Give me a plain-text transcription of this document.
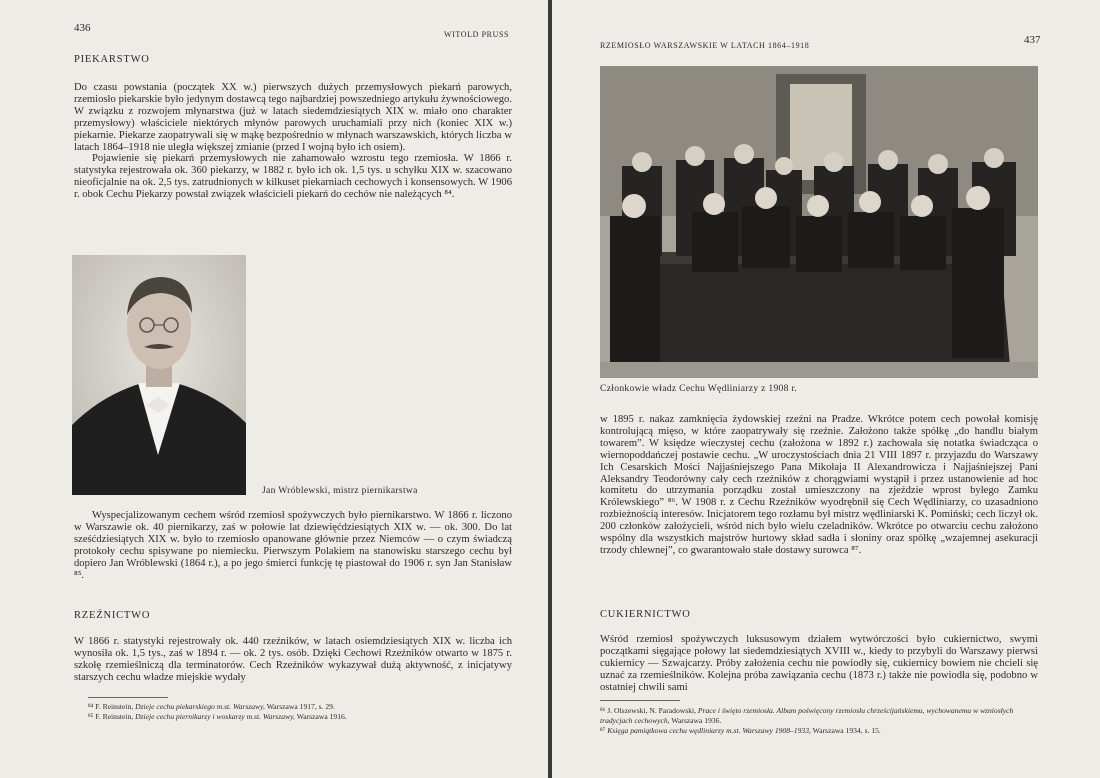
436
WITOLD PRUSS
PIEKARSTWO

Do czasu powstania (początek XX w.) pierwszych dużych przemysłowych piekarń parowych, rzemiosło piekarskie było jedynym dostawcą tego najbardziej powszedniego artykułu żywnościowego. W związku z rozwojem młynarstwa (już w latach siedemdziesiątych XIX w. miało ono charakter przemysłowy) właściciele niektórych młynów parowych uruchamiali przy nich (koniec XIX w.) piekarnie. Piekarze zaopatrywali się w mąkę bezpośrednio w młynach warszawskich, których liczba w latach 1864–1918 nie uległa większej zmianie (przed I wojną było ich osiem).

Pojawienie się piekarń przemysłowych nie zahamowało wzrostu tego rzemiosła. W 1866 r. statystyka rejestrowała ok. 360 piekarzy, w 1882 r. było ich ok. 1,5 tys. u schyłku XIX w. szacowano nieoficjalnie na ok. 2,5 tys. zatrudnionych w kilkuset piekarniach cechowych i konsensowych. W 1906 r. obok Cechu Piekarzy powstał związek właścicieli piekarń do cechów nie należących ⁸⁴.

Jan Wróblewski, mistrz piernikarstwa

Wyspecjalizowanym cechem wśród rzemiosł spożywczych było piernikarstwo. W 1866 r. liczono w Warszawie ok. 40 piernikarzy, zaś w połowie lat dziewięćdziesiątych XIX w. — ok. 300. Do lat sześćdziesiątych XIX w. było to rzemiosło opanowane głównie przez Niemców — o czym świadczą protokoły cechu spisywane po niemiecku. Pierwszym Polakiem na stanowisku starszego cechu był dopiero Jan Wróblewski (1864 r.), a po jego śmierci funkcję tę piastował do 1906 r. syn Jan Stanisław ⁸⁵.

RZEŹNICTWO

W 1866 r. statystyki rejestrowały ok. 440 rzeźników, w latach osiemdziesiątych XIX w. liczba ich wynosiła ok. 1,5 tys., zaś w 1894 r. — ok. 2 tys. osób. Dzięki Cechowi Rzeźników otwarto w 1875 r. szkołę rzemieślniczą dla terminatorów. Cech Rzeźników wykazywał dużą aktywność, z inicjatywy starszych cechu władze miejskie wydały

⁸⁴ F. Reinstein, Dzieje cechu piekarskiego m.st. Warszawy, Warszawa 1917, s. 29.
⁸⁵ F. Reinstein, Dzieje cechu piernikarzy i woskarzy m.st. Warszawy, Warszawa 1916.
RZEMIOSŁO WARSZAWSKIE W LATACH 1864–1918	437
Członkowie władz Cechu Wędliniarzy z 1908 r.

w 1895 r. nakaz zamknięcia żydowskiej rzeźni na Pradze. Wkrótce potem cech powołał komisję kontrolującą mięso, w które zaopatrywały się rzeźnie. Założono także spółkę „do handlu białym towarem”. W księdze wieczystej cechu (założona w 1892 r.) zachowała się notatka świadcząca o wiernopoddańczej postawie cechu. „W uroczystościach dnia 21 VIII 1897 r. przyjazdu do Warszawy Ich Cesarskich Mości Najjaśniejszego Pana Mikołaja II Alexandrowicza i Najjaśniejszej Pani Aleksandry Teodorówny cały cech rzeźników z chorągwiami wystąpił i przez ustanowienie ad hoc komitetu do utrzymania porządku został umieszczony na zjeździe wprost byłego Zamku Królewskiego” ⁸⁶. W 1908 r. z Cechu Rzeźników wyodrębnił się Cech Wędliniarzy, co uzasadniono rozbieżnością interesów. Inicjatorem tego rozłamu był mistrz wędliniarski K. Pomiński; cech liczył ok. 200 członków założycieli, wśród nich było wielu czeladników. Wkrótce po otwarciu cechu założono wspólny dla wszystkich majstrów hurtowy skład sadła i słoniny oraz spółkę „wzajemnej asekuracji trzody chlewnej”, co gwarantowało stałe dostawy surowca ⁸⁷.

CUKIERNICTWO

Wśród rzemiosł spożywczych luksusowym działem wytwórczości było cukiernictwo, swymi początkami sięgające połowy lat siedemdziesiątych XVIII w., kiedy to przybyli do Warszawy pierwsi cukiernicy — Szwajcarzy. Próby założenia cechu nie powiodły się, cukiernicy bowiem nie chcieli się uznać za rzemieślników. Kolejna próba zawiązania cechu (1873 r.) także nie powiodła się, podobno w ostatniej chwili sami

⁸⁶ J. Olszewski, N. Paradowski, Prace i święto rzemiosła. Album poświęcony rzemiosłu chrześcijańskiemu, wychowanemu w wzniosłych tradycjach cechowych, Warszawa 1936.
⁸⁷ Księga pamiątkowa cechu wędliniarzy m.st. Warszawy 1908–1933, Warszawa 1934, s. 15.
